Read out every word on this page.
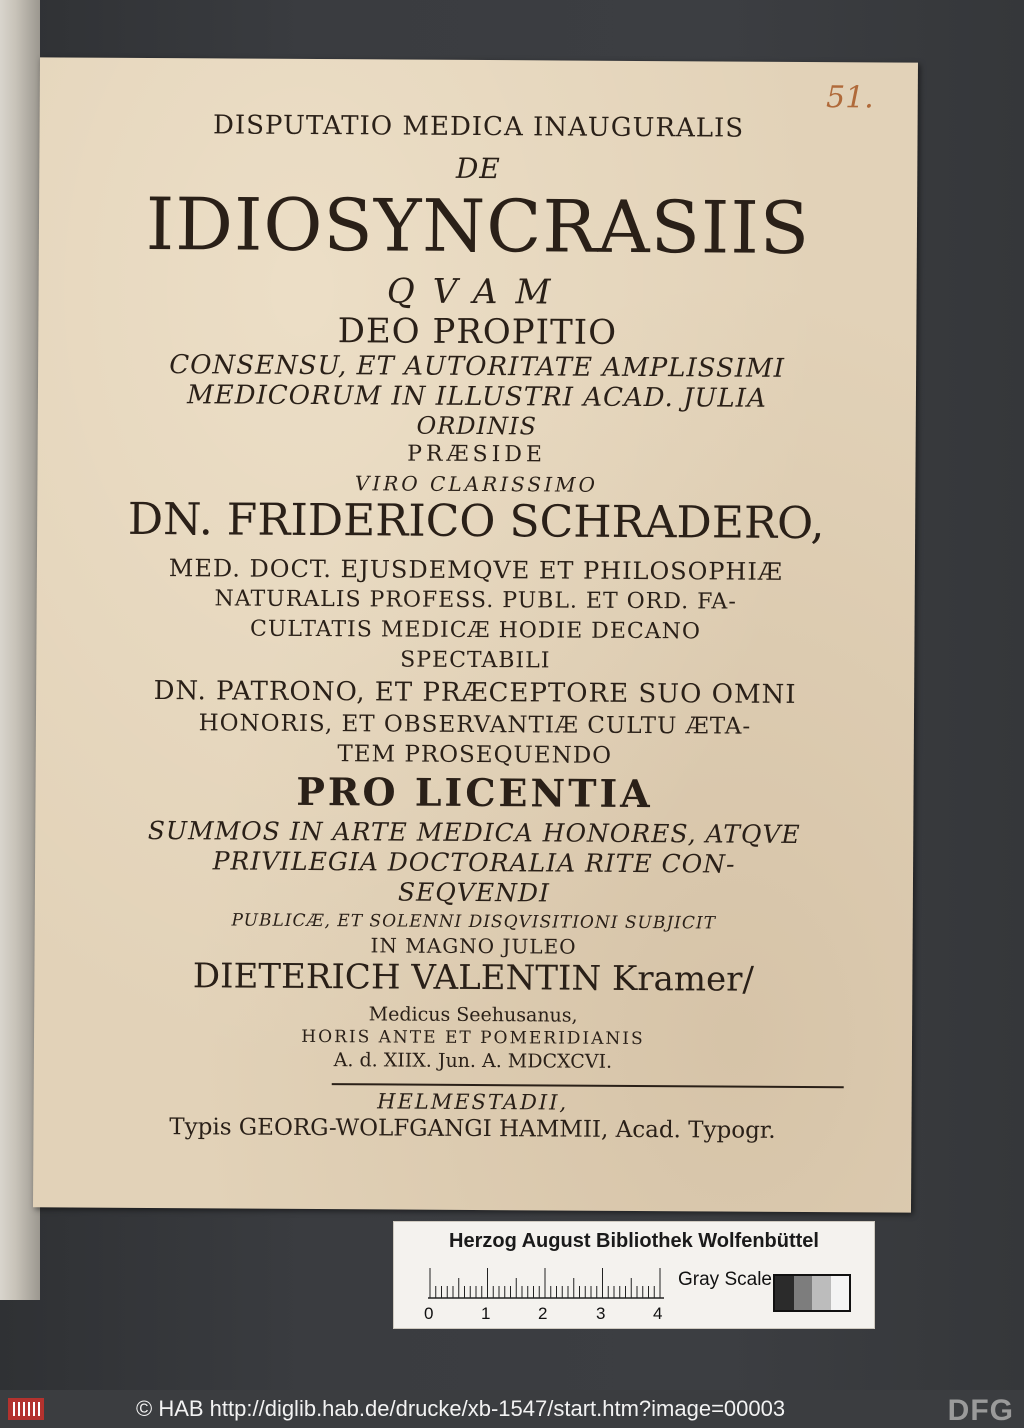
51.
DISPUTATIO MEDICA INAUGURALIS
DE
IDIOSYNCRASIIS
QVAM
DEO PROPITIO
CONSENSU, ET AUTORITATE AMPLISSIMI
MEDICORUM IN ILLUSTRI ACAD. JULIA
ORDINIS
PRÆSIDE
VIRO CLARISSIMO
DN. FRIDERICO SCHRADERO,
MED. DOCT. EJUSDEMQVE ET PHILOSOPHIÆ
NATURALIS PROFESS. PUBL. ET ORD. FA-
CULTATIS MEDICÆ HODIE DECANO
SPECTABILI
DN. PATRONO, ET PRÆCEPTORE SUO OMNI
HONORIS, ET OBSERVANTIÆ CULTU ÆTA-
TEM PROSEQUENDO
PRO LICENTIA
SUMMOS IN ARTE MEDICA HONORES, ATQVE
PRIVILEGIA DOCTORALIA RITE CON-
SEQVENDI
PUBLICÆ, ET SOLENNI DISQVISITIONI SUBJICIT
IN MAGNO JULEO
DIETERICH VALENTIN Kramer/
Medicus Seehusanus,
HORIS ANTE ET POMERIDIANIS
A. d. XIIX. Jun. A. MDCXCVI.
HELMESTADII,
Typis GEORG-WOLFGANGI HAMMII, Acad. Typogr.
Herzog August Bibliothek Wolfenbüttel
0	1	2	3	4
Gray Scale
© HAB http://diglib.hab.de/drucke/xb-1547/start.htm?image=00003	DFG
